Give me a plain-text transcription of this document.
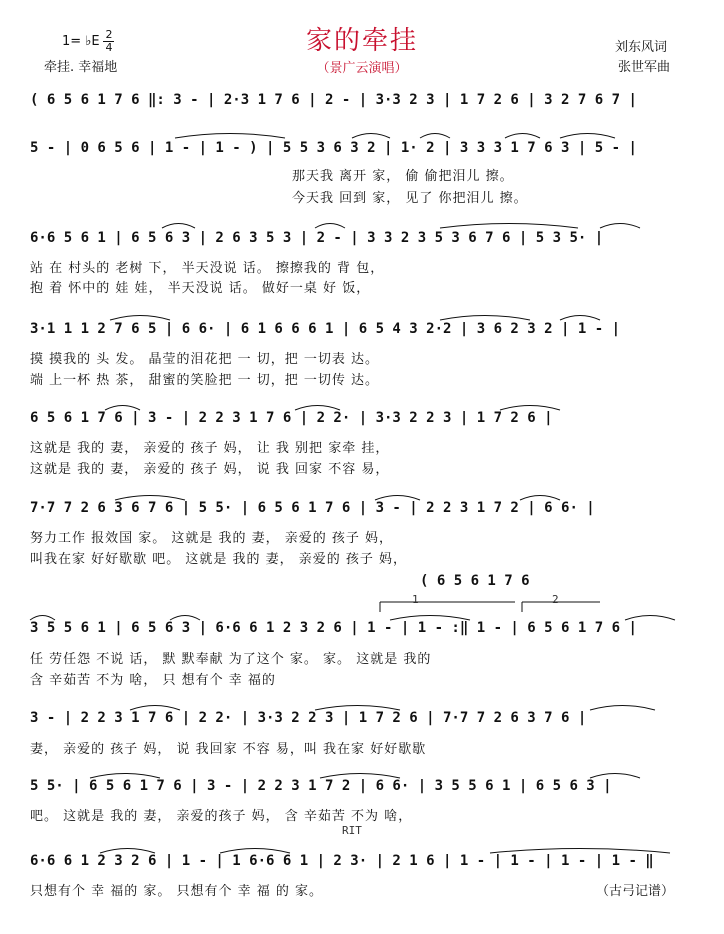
家的牵挂
（景广云演唱）
1= ♭E 2
4
牵挂. 幸福地
刘东风词
张世军曲
( 6 5 6 1 7 6 ‖: 3 - | 2·3 1 7 6 | 2 - | 3·3 2 3 | 1 7 2 6 | 3 2 7 6 7 |
5 - | 0 6 5 6 | 1 - | 1 - ) | 5 5 3 6 3 2 | 1· 2 | 3 3 3 1 7 6 3 | 5 - |
那天我 离开 家， 偷 偷把泪儿 擦。
今天我 回到 家， 见了 你把泪儿 擦。
6·6 5 6 1 | 6 5 6 3 | 2 6 3 5 3 | 2 - | 3 3 2 3 5 3 6 7 6 | 5 3 5· |
站 在 村头的 老树 下， 半天没说 话。 擦擦我的 背 包，
抱 着 怀中的 娃 娃， 半天没说 话。 做好一桌 好 饭，
3·1 1 1 2 7 6 5 | 6 6· | 6 1 6 6 6 1 | 6 5 4 3 2·2 | 3 6 2 3 2 | 1 - |
摸 摸我的 头 发。 晶莹的泪花把 一 切，把 一切表 达。
端 上一杯 热 茶， 甜蜜的笑脸把 一 切，把 一切传 达。
6 5 6 1 7 6 | 3 - | 2 2 3 1 7 6 | 2 2· | 3·3 2 2 3 | 1 7 2 6 |
这就是 我的 妻， 亲爱的 孩子 妈， 让 我 别把 家牵 挂，
这就是 我的 妻， 亲爱的 孩子 妈， 说 我 回家 不容 易，
7·7 7 2 6 3 6 7 6 | 5 5· | 6 5 6 1 7 6 | 3 - | 2 2 3 1 7 2 | 6 6· |
努力工作 报效国 家。 这就是 我的 妻， 亲爱的 孩子 妈，
叫我在家 好好歇歇 吧。 这就是 我的 妻， 亲爱的 孩子 妈，
( 6 5 6 1 7 6
1	2
3 5 5 6 1 | 6 5 6 3 | 6·6 6 1 2 3 2 6 | 1 - | 1 - :‖ 1 - | 6 5 6 1 7 6 |
任 劳任怨 不说 话， 默 默奉献 为了这个 家。 家。 这就是 我的
含 辛茹苦 不为 啥， 只 想有个 幸 福的
3 - | 2 2 3 1 7 6 | 2 2· | 3·3 2 2 3 | 1 7 2 6 | 7·7 7 2 6 3 7 6 |
妻， 亲爱的 孩子 妈， 说 我回家 不容 易，叫 我在家 好好歇歇
5 5· | 6 5 6 1 7 6 | 3 - | 2 2 3 1 7 2 | 6 6· | 3 5 5 6 1 | 6 5 6 3 |
吧。 这就是 我的 妻， 亲爱的孩子 妈， 含 辛茹苦 不为 啥，
RIT
6·6 6 1 2 3 2 6 | 1 - | 1 6·6 6 1 | 2 3· | 2 1 6 | 1 - | 1 - | 1 - | 1 - ‖
只想有个 幸 福的 家。 只想有个 幸 福 的 家。	（古弓记谱）
